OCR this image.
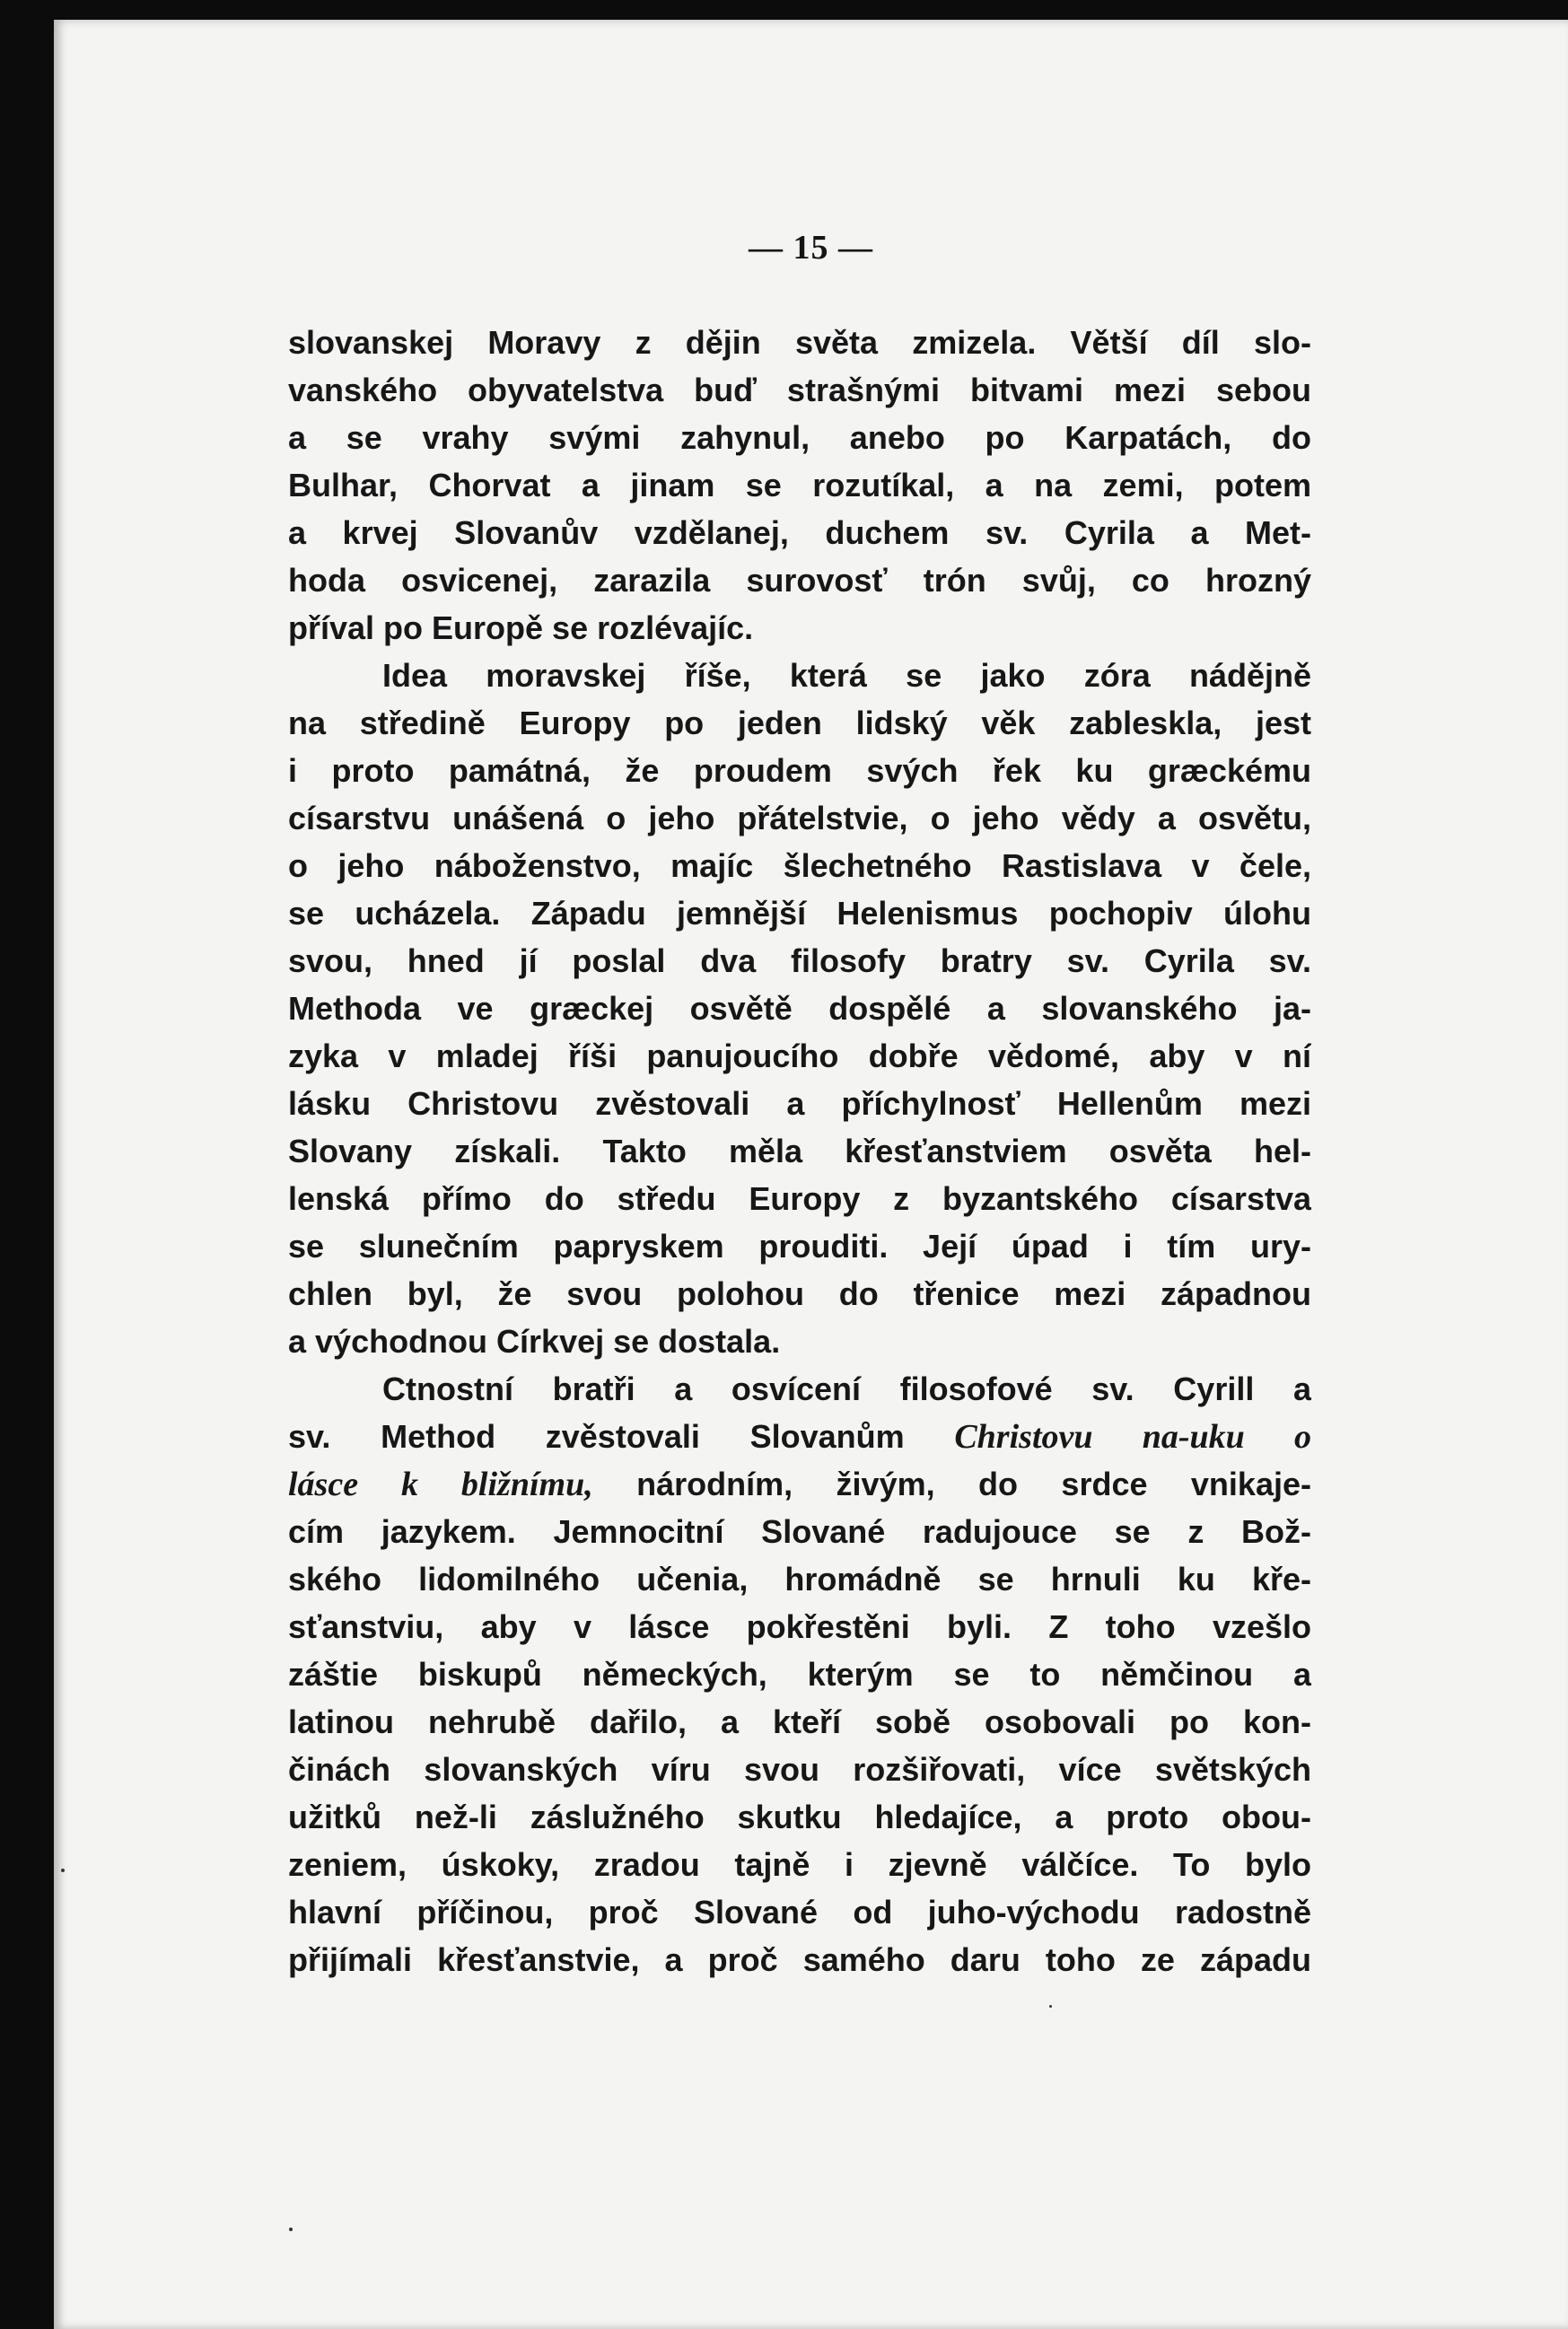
— 15 —
slovanskej Moravy z dějin světa zmizela. Větší díl slo-
vanského obyvatelstva buď strašnými bitvami mezi sebou
a se vrahy svými zahynul, anebo po Karpatách, do
Bulhar, Chorvat a jinam se rozutíkal, a na zemi, potem
a krvej Slovanův vzdělanej, duchem sv. Cyrila a Met-
hoda osvicenej, zarazila surovosť trón svůj, co hrozný
příval po Europě se rozlévajíc.
Idea moravskej říše, která se jako zóra nádějně
na středině Europy po jeden lidský věk zableskla, jest
i proto památná, že proudem svých řek ku græckému
císarstvu unášená o jeho přátelstvie, o jeho vědy a osvětu,
o jeho náboženstvo, majíc šlechetného Rastislava v čele,
se ucházela. Západu jemnější Helenismus pochopiv úlohu
svou, hned jí poslal dva filosofy bratry sv. Cyrila sv.
Methoda ve græckej osvětě dospělé a slovanského ja-
zyka v mladej říši panujoucího dobře vědomé, aby v ní
lásku Christovu zvěstovali a příchylnosť Hellenům mezi
Slovany získali. Takto měla křesťanstviem osvěta hel-
lenská přímo do středu Europy z byzantského císarstva
se slunečním papryskem prouditi. Její úpad i tím ury-
chlen byl, že svou polohou do třenice mezi západnou
a východnou Církvej se dostala.
Ctnostní bratři a osvícení filosofové sv. Cyrill a
sv. Method zvěstovali Slovanům Christovu na-uku o
lásce k bližnímu, národním, živým, do srdce vnikaje-
cím jazykem. Jemnocitní Slované radujouce se z Bož-
ského lidomilného učenia, hromádně se hrnuli ku kře-
sťanstviu, aby v lásce pokřestěni byli. Z toho vzešlo
záštie biskupů německých, kterým se to němčinou a
latinou nehrubě dařilo, a kteří sobě osobovali po kon-
činách slovanských víru svou rozšiřovati, více světských
užitků než-li záslužného skutku hledajíce, a proto obou-
zeniem, úskoky, zradou tajně i zjevně válčíce. To bylo
hlavní příčinou, proč Slované od juho-východu radostně
přijímali křesťanstvie, a proč samého daru toho ze západu
